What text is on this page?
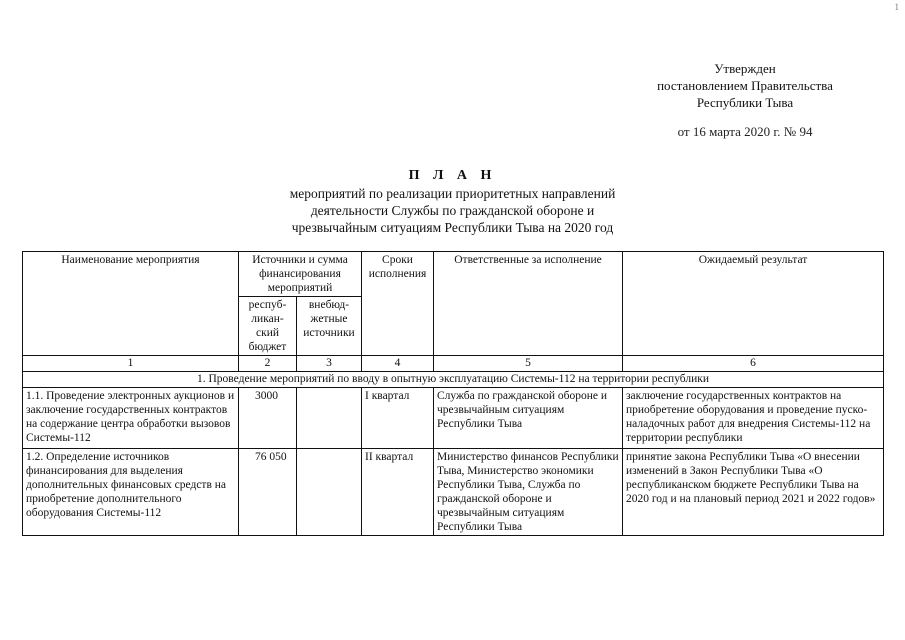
1
Утвержден
постановлением Правительства
Республики Тыва
от 16 марта 2020 г. № 94
П Л А Н
мероприятий по реализации приоритетных направлений
деятельности Службы по гражданской обороне и
чрезвычайным ситуациям Республики Тыва на 2020 год
Наименование мероприятия	Источники и сумма финансирования мероприятий		Сроки исполнения	Ответственные за исполнение	Ожидаемый результат
	респуб-ликан-ский бюджет	внебюд-жетные источники			
1	2	3	4	5	6
1. Проведение мероприятий по вводу в опытную эксплуатацию Системы-112 на территории республики					
1.1. Проведение электронных аукционов и заключение государственных контрактов на содержание центра обработки вызовов Системы-112	3000		I квартал	Служба по гражданской обороне и чрезвычайным ситуациям Республики Тыва	заключение государственных контрактов на приобретение оборудования и проведение пуско-наладочных работ для внедрения Системы-112 на территории республики
1.2. Определение источников финансирования для выделения дополнительных финансовых средств на приобретение дополнительного оборудования Системы-112	76 050		II квартал	Министерство финансов Республики Тыва, Министерство экономики Республики Тыва, Служба по гражданской обороне и чрезвычайным ситуациям Республики Тыва	принятие закона Республики Тыва «О внесении изменений в Закон Республики Тыва «О республиканском бюджете Республики Тыва на 2020 год и на плановый период 2021 и 2022 годов»
